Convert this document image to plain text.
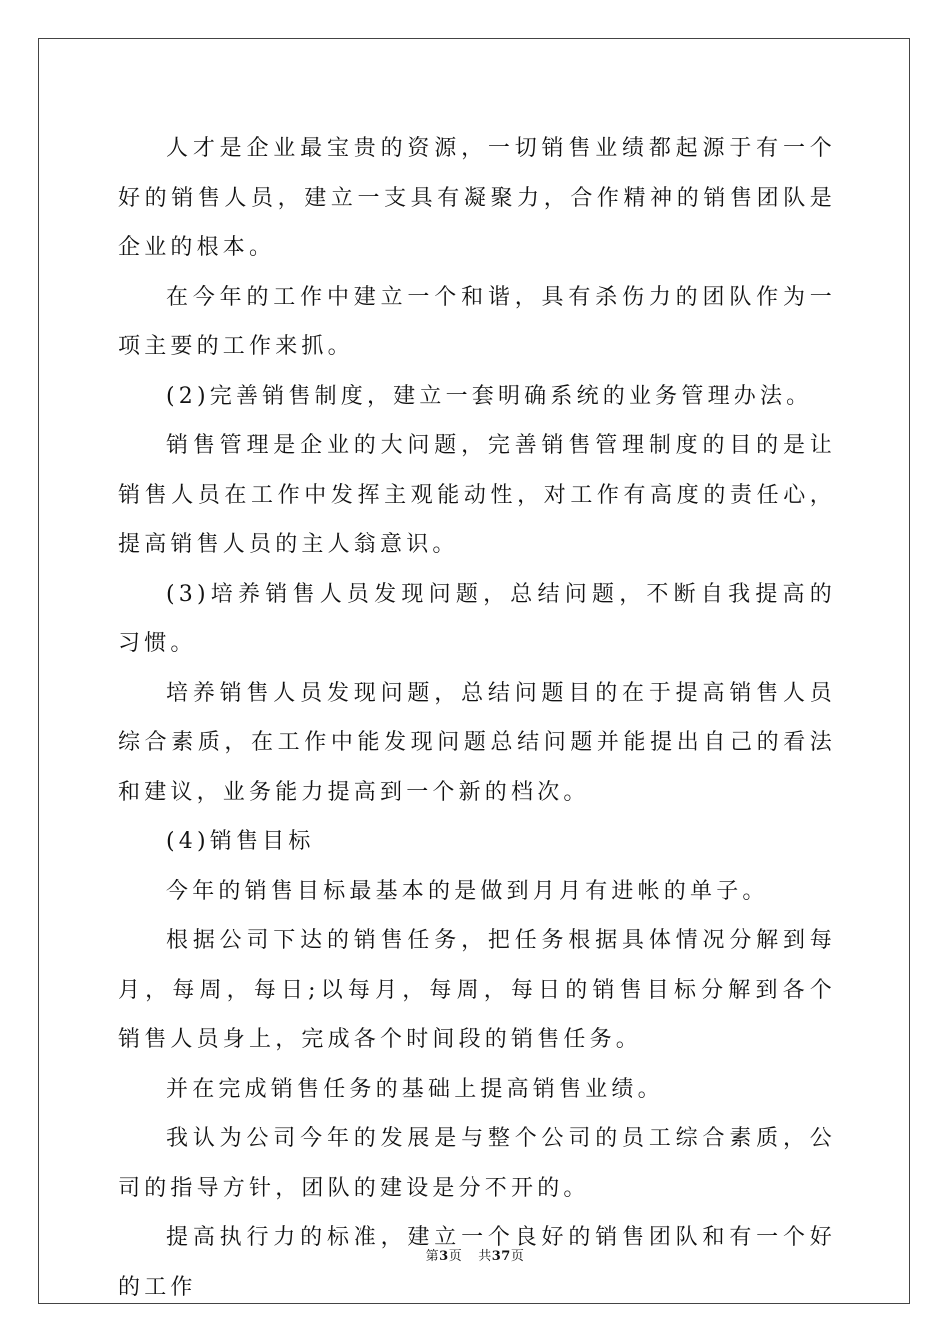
人才是企业最宝贵的资源，一切销售业绩都起源于有一个好的销售人员，建立一支具有凝聚力，合作精神的销售团队是企业的根本。

在今年的工作中建立一个和谐，具有杀伤力的团队作为一项主要的工作来抓。

(2)完善销售制度，建立一套明确系统的业务管理办法。

销售管理是企业的大问题，完善销售管理制度的目的是让销售人员在工作中发挥主观能动性，对工作有高度的责任心，提高销售人员的主人翁意识。

(3)培养销售人员发现问题，总结问题，不断自我提高的习惯。

培养销售人员发现问题，总结问题目的在于提高销售人员综合素质，在工作中能发现问题总结问题并能提出自己的看法和建议，业务能力提高到一个新的档次。

(4)销售目标

今年的销售目标最基本的是做到月月有进帐的单子。

根据公司下达的销售任务，把任务根据具体情况分解到每月，每周，每日;以每月，每周，每日的销售目标分解到各个销售人员身上，完成各个时间段的销售任务。

并在完成销售任务的基础上提高销售业绩。

我认为公司今年的发展是与整个公司的员工综合素质，公司的指导方针，团队的建设是分不开的。

提高执行力的标准，建立一个良好的销售团队和有一个好的工作

第3页 共37页
